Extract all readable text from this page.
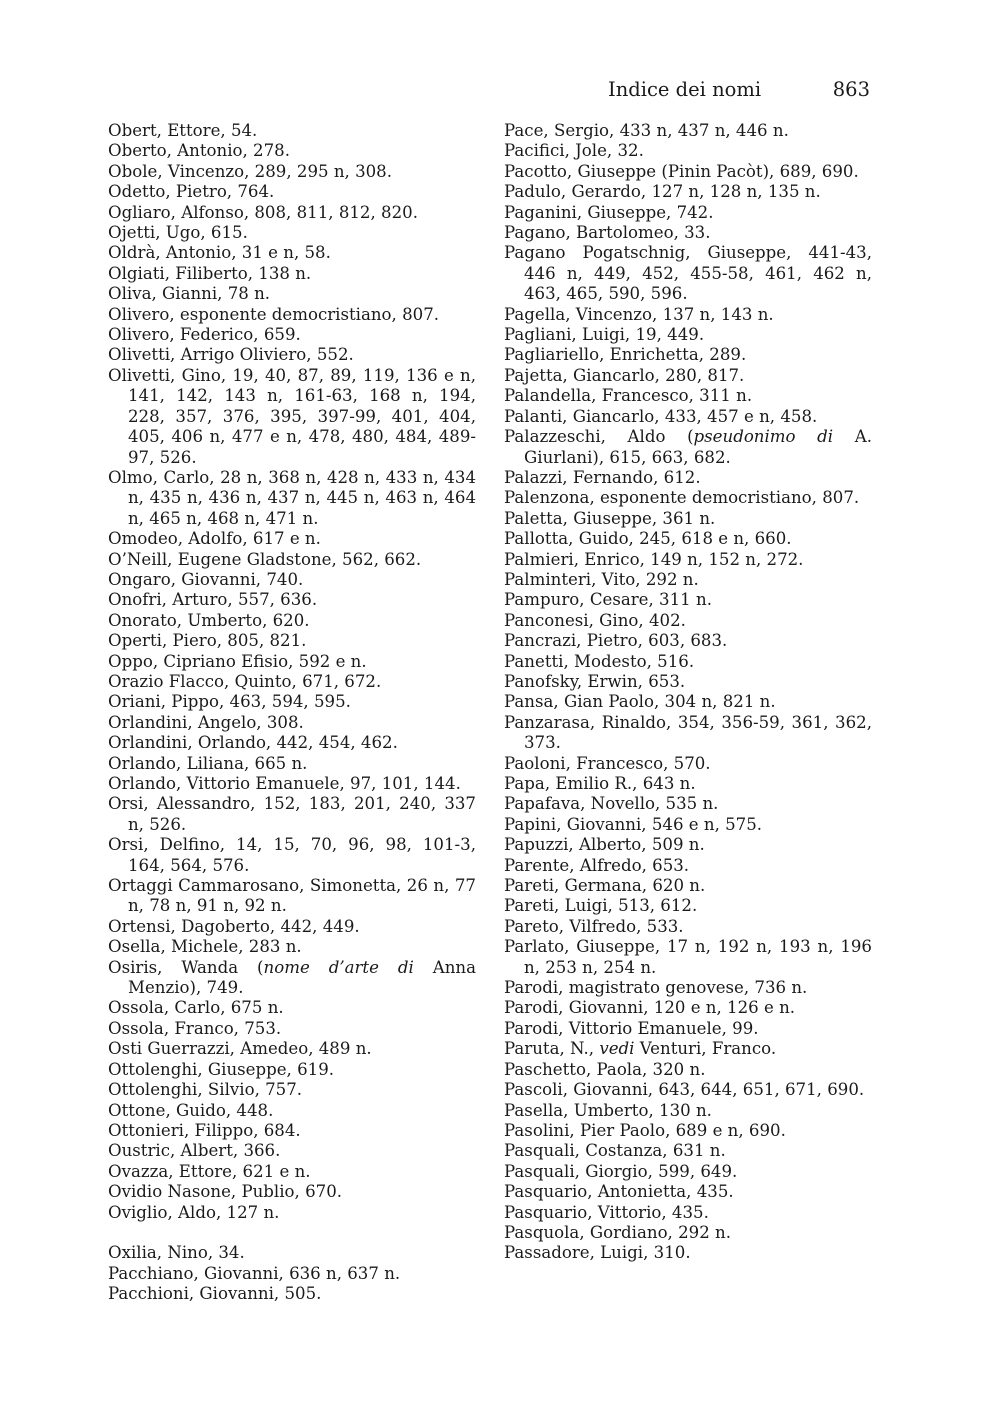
Indice dei nomi	863
Obert, Ettore, 54.
Oberto, Antonio, 278.
Obole, Vincenzo, 289, 295 n, 308.
Odetto, Pietro, 764.
Ogliaro, Alfonso, 808, 811, 812, 820.
Ojetti, Ugo, 615.
Oldrà, Antonio, 31 e n, 58.
Olgiati, Filiberto, 138 n.
Oliva, Gianni, 78 n.
Olivero, esponente democristiano, 807.
Olivero, Federico, 659.
Olivetti, Arrigo Oliviero, 552.
Olivetti, Gino, 19, 40, 87, 89, 119, 136 e n, 141, 142, 143 n, 161-63, 168 n, 194, 228, 357, 376, 395, 397-99, 401, 404, 405, 406 n, 477 e n, 478, 480, 484, 489-97, 526.
Olmo, Carlo, 28 n, 368 n, 428 n, 433 n, 434 n, 435 n, 436 n, 437 n, 445 n, 463 n, 464 n, 465 n, 468 n, 471 n.
Omodeo, Adolfo, 617 e n.
O’Neill, Eugene Gladstone, 562, 662.
Ongaro, Giovanni, 740.
Onofri, Arturo, 557, 636.
Onorato, Umberto, 620.
Operti, Piero, 805, 821.
Oppo, Cipriano Efisio, 592 e n.
Orazio Flacco, Quinto, 671, 672.
Oriani, Pippo, 463, 594, 595.
Orlandini, Angelo, 308.
Orlandini, Orlando, 442, 454, 462.
Orlando, Liliana, 665 n.
Orlando, Vittorio Emanuele, 97, 101, 144.
Orsi, Alessandro, 152, 183, 201, 240, 337 n, 526.
Orsi, Delfino, 14, 15, 70, 96, 98, 101-3, 164, 564, 576.
Ortaggi Cammarosano, Simonetta, 26 n, 77 n, 78 n, 91 n, 92 n.
Ortensi, Dagoberto, 442, 449.
Osella, Michele, 283 n.
Osiris, Wanda (nome d’arte di Anna Menzio), 749.
Ossola, Carlo, 675 n.
Ossola, Franco, 753.
Osti Guerrazzi, Amedeo, 489 n.
Ottolenghi, Giuseppe, 619.
Ottolenghi, Silvio, 757.
Ottone, Guido, 448.
Ottonieri, Filippo, 684.
Oustric, Albert, 366.
Ovazza, Ettore, 621 e n.
Ovidio Nasone, Publio, 670.
Oviglio, Aldo, 127 n.
Oxilia, Nino, 34.
Pacchiano, Giovanni, 636 n, 637 n.
Pacchioni, Giovanni, 505.
Pace, Sergio, 433 n, 437 n, 446 n.
Pacifici, Jole, 32.
Pacotto, Giuseppe (Pinin Pacòt), 689, 690.
Padulo, Gerardo, 127 n, 128 n, 135 n.
Paganini, Giuseppe, 742.
Pagano, Bartolomeo, 33.
Pagano Pogatschnig, Giuseppe, 441-43, 446 n, 449, 452, 455-58, 461, 462 n, 463, 465, 590, 596.
Pagella, Vincenzo, 137 n, 143 n.
Pagliani, Luigi, 19, 449.
Pagliariello, Enrichetta, 289.
Pajetta, Giancarlo, 280, 817.
Palandella, Francesco, 311 n.
Palanti, Giancarlo, 433, 457 e n, 458.
Palazzeschi, Aldo (pseudonimo di A. Giurlani), 615, 663, 682.
Palazzi, Fernando, 612.
Palenzona, esponente democristiano, 807.
Paletta, Giuseppe, 361 n.
Pallotta, Guido, 245, 618 e n, 660.
Palmieri, Enrico, 149 n, 152 n, 272.
Palminteri, Vito, 292 n.
Pampuro, Cesare, 311 n.
Panconesi, Gino, 402.
Pancrazi, Pietro, 603, 683.
Panetti, Modesto, 516.
Panofsky, Erwin, 653.
Pansa, Gian Paolo, 304 n, 821 n.
Panzarasa, Rinaldo, 354, 356-59, 361, 362, 373.
Paoloni, Francesco, 570.
Papa, Emilio R., 643 n.
Papafava, Novello, 535 n.
Papini, Giovanni, 546 e n, 575.
Papuzzi, Alberto, 509 n.
Parente, Alfredo, 653.
Pareti, Germana, 620 n.
Pareti, Luigi, 513, 612.
Pareto, Vilfredo, 533.
Parlato, Giuseppe, 17 n, 192 n, 193 n, 196 n, 253 n, 254 n.
Parodi, magistrato genovese, 736 n.
Parodi, Giovanni, 120 e n, 126 e n.
Parodi, Vittorio Emanuele, 99.
Paruta, N., vedi Venturi, Franco.
Paschetto, Paola, 320 n.
Pascoli, Giovanni, 643, 644, 651, 671, 690.
Pasella, Umberto, 130 n.
Pasolini, Pier Paolo, 689 e n, 690.
Pasquali, Costanza, 631 n.
Pasquali, Giorgio, 599, 649.
Pasquario, Antonietta, 435.
Pasquario, Vittorio, 435.
Pasquola, Gordiano, 292 n.
Passadore, Luigi, 310.
